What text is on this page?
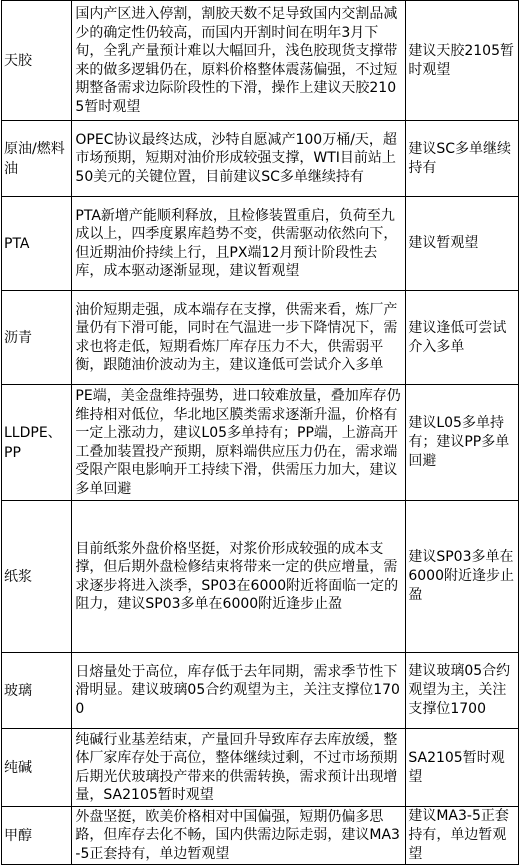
天胶	国内产区进入停割，割胶天数不足导致国内交割品减少的确定性仍较高，而国内开割时间在明年3月下旬，全乳产量预计难以大幅回升，浅色胶现货支撑带来的做多逻辑仍在，原料价格整体震荡偏强，不过短期整备需求边际阶段性的下滑，操作上建议天胶2105暂时观望	建议天胶2105暂时观望
原油/燃料油	OPEC协议最终达成，沙特自愿减产100万桶/天，超市场预期，短期对油价形成较强支撑，WTI目前站上50美元的关键位置，目前建议SC多单继续持有	建议SC多单继续持有
PTA	PTA新增产能顺利释放，且检修装置重启，负荷至九成以上，四季度累库趋势不变，供需驱动依然向下，但近期油价持续上行，且PX端12月预计阶段性去库，成本驱动逐渐显现，建议暂观望	建议暂观望
沥青	油价短期走强，成本端存在支撑，供需来看，炼厂产量仍有下滑可能，同时在气温进一步下降情况下，需求也将走低，短期看炼厂库存压力不大，供需弱平衡，跟随油价波动为主，建议逢低可尝试介入多单	建议逢低可尝试介入多单
LLDPE、PP	PE端，美金盘维持强势，进口较难放量，叠加库存仍维持相对低位，华北地区膜类需求逐渐升温，价格有一定上涨动力，建议L05多单持有；PP端，上游高开工叠加装置投产预期，原料端供应压力仍在，需求端受限产限电影响开工持续下滑，供需压力加大，建议多单回避	建议L05多单持有；建议PP多单回避
纸浆	目前纸浆外盘价格坚挺，对浆价形成较强的成本支撑，但后期外盘检修结束将带来一定的供应增量，需求逐步将进入淡季，SP03在6000附近将面临一定的阻力，建议SP03多单在6000附近逢步止盈	建议SP03多单在6000附近逢步止盈
玻璃	日熔量处于高位，库存低于去年同期，需求季节性下滑明显。建议玻璃05合约观望为主，关注支撑位1700	建议玻璃05合约观望为主，关注支撑位1700
纯碱	纯碱行业基差结束，产量回升导致库存去库放缓，整体厂家库存处于高位，整体继续过剩，不过市场预期后期光伏玻璃投产带来的供需转换，需求预计出现增量，SA2105暂时观望	SA2105暂时观望
甲醇	外盘坚挺，欧美价格相对中国偏强，短期仍偏多思路，但库存去化不畅，国内供需边际走弱，建议MA3-5正套持有，单边暂观望	建议MA3-5正套持有，单边暂观望
